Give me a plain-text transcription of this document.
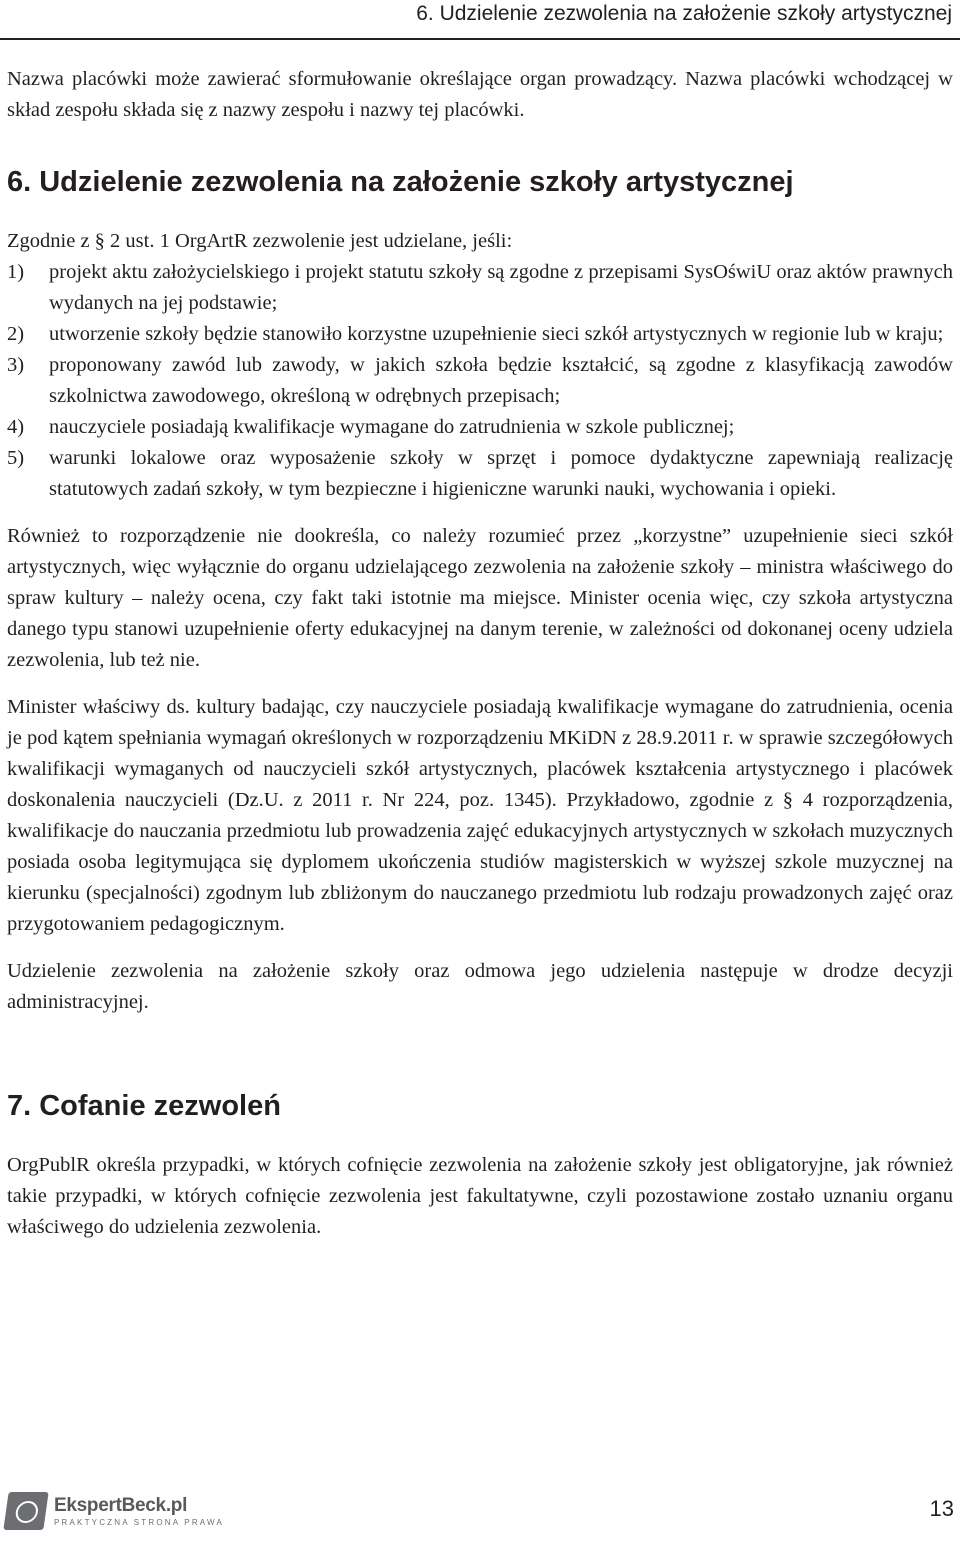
6. Udzielenie zezwolenia na założenie szkoły artystycznej

Nazwa placówki może zawierać sformułowanie określające organ prowadzący. Nazwa placówki wchodzącej w skład zespołu składa się z nazwy zespołu i nazwy tej placówki.

6. Udzielenie zezwolenia na założenie szkoły artystycznej

Zgodnie z § 2 ust. 1 OrgArtR zezwolenie jest udzielane, jeśli:

1) projekt aktu założycielskiego i projekt statutu szkoły są zgodne z przepisami SysOświU oraz aktów prawnych wydanych na jej podstawie;
2) utworzenie szkoły będzie stanowiło korzystne uzupełnienie sieci szkół artystycznych w regionie lub w kraju;
3) proponowany zawód lub zawody, w jakich szkoła będzie kształcić, są zgodne z klasyfikacją zawodów szkolnictwa zawodowego, określoną w odrębnych przepisach;
4) nauczyciele posiadają kwalifikacje wymagane do zatrudnienia w szkole publicznej;
5) warunki lokalowe oraz wyposażenie szkoły w sprzęt i pomoce dydaktyczne zapewniają realizację statutowych zadań szkoły, w tym bezpieczne i higieniczne warunki nauki, wychowania i opieki.

Również to rozporządzenie nie dookreśla, co należy rozumieć przez „korzystne” uzupełnienie sieci szkół artystycznych, więc wyłącznie do organu udzielającego zezwolenia na założenie szkoły – ministra właściwego do spraw kultury – należy ocena, czy fakt taki istotnie ma miejsce. Minister ocenia więc, czy szkoła artystyczna danego typu stanowi uzupełnienie oferty edukacyjnej na danym terenie, w zależności od dokonanej oceny udziela zezwolenia, lub też nie.

Minister właściwy ds. kultury badając, czy nauczyciele posiadają kwalifikacje wymagane do zatrudnienia, ocenia je pod kątem spełniania wymagań określonych w rozporządzeniu MKiDN z 28.9.2011 r. w sprawie szczegółowych kwalifikacji wymaganych od nauczycieli szkół artystycznych, placówek kształcenia artystycznego i placówek doskonalenia nauczycieli (Dz.U. z 2011 r. Nr 224, poz. 1345). Przykładowo, zgodnie z § 4 rozporządzenia, kwalifikacje do nauczania przedmiotu lub prowadzenia zajęć edukacyjnych artystycznych w szkołach muzycznych posiada osoba legitymująca się dyplomem ukończenia studiów magisterskich w wyższej szkole muzycznej na kierunku (specjalności) zgodnym lub zbliżonym do nauczanego przedmiotu lub rodzaju prowadzonych zajęć oraz przygotowaniem pedagogicznym.

Udzielenie zezwolenia na założenie szkoły oraz odmowa jego udzielenia następuje w drodze decyzji administracyjnej.

7. Cofanie zezwoleń

OrgPublR określa przypadki, w których cofnięcie zezwolenia na założenie szkoły jest obligatoryjne, jak również takie przypadki, w których cofnięcie zezwolenia jest fakultatywne, czyli pozostawione zostało uznaniu organu właściwego do udzielenia zezwolenia.

EkspertBeck.pl
PRAKTYCZNA STRONA PRAWA
13
